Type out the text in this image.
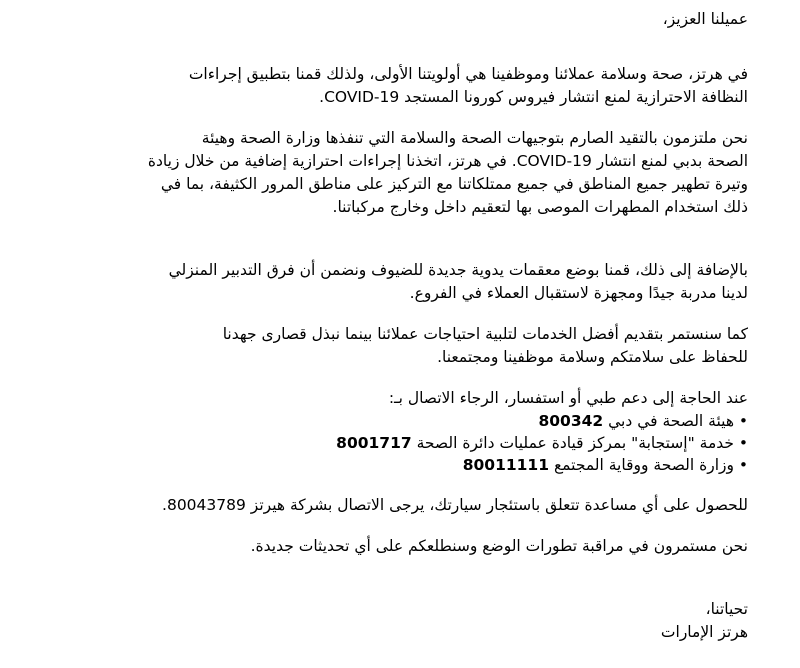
عميلنا العزيز،
في هرتز، صحة وسلامة عملائنا وموظفينا هي أولويتنا الأولى، ولذلك قمنا بتطبيق إجراءات
النظافة الاحترازية لمنع انتشار فيروس كورونا المستجد COVID-19.
نحن ملتزمون بالتقيد الصارم بتوجيهات الصحة والسلامة التي تنفذها وزارة الصحة وهيئة
الصحة بدبي لمنع انتشار COVID-19. في هرتز، اتخذنا إجراءات احترازية إضافية من خلال زيادة
وتيرة تطهير جميع المناطق في جميع ممتلكاتنا مع التركيز على مناطق المرور الكثيفة، بما في
ذلك استخدام المطهرات الموصى بها لتعقيم داخل وخارج مركباتنا.
بالإضافة إلى ذلك، قمنا بوضع معقمات يدوية جديدة للضيوف ونضمن أن فرق التدبير المنزلي
لدينا مدربة جيدًا ومجهزة لاستقبال العملاء في الفروع.
كما سنستمر بتقديم أفضل الخدمات لتلبية احتياجات عملائنا بينما نبذل قصارى جهدنا
للحفاظ على سلامتكم وسلامة موظفينا ومجتمعنا.
عند الحاجة إلى دعم طبي أو استفسار، الرجاء الاتصال بـ:
•
هيئة الصحة في دبي 800342
•
خدمة "إستجابة" بمركز قيادة عمليات دائرة الصحة 8001717
•
وزارة الصحة ووقاية المجتمع 80011111
للحصول على أي مساعدة تتعلق باستئجار سيارتك، يرجى الاتصال بشركة هيرتز 80043789.
نحن مستمرون في مراقبة تطورات الوضع وسنطلعكم على أي تحديثات جديدة.
تحياتنا،
هرتز الإمارات
